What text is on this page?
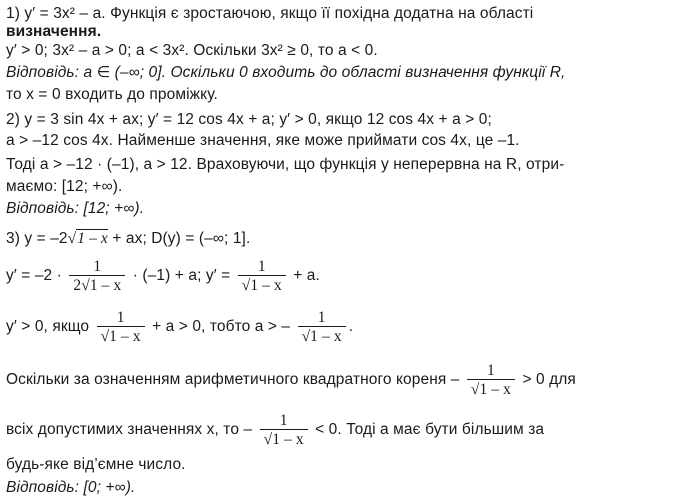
1) y′ = 3x² – a. Функція є зростаючою, якщо її похідна додатна на області
визначення.
y′ > 0; 3x² – a > 0; a < 3x². Оскільки 3x² ≥ 0, то a < 0.
Відповідь: a ∈ (–∞; 0]. Оскільки 0 входить до області визначення функції R,
то x = 0 входить до проміжку.
2) y = 3 sin 4x + ax; y′ = 12 cos 4x + a; y′ > 0, якщо 12 cos 4x + a > 0;
a > –12 cos 4x. Найменше значення, яке може приймати cos 4x, це –1.
Тоді a > –12 · (–1), a > 12. Враховуючи, що функція y неперервна на R, отри-
маємо: [12; +∞).
Відповідь: [12; +∞).
3) y = –2√1 – x + ax; D(y) = (–∞; 1].
$y' = -2 \cdot \frac{1}{2√1 - x} \cdot (-1) + a$; $y' = \frac{1}{√1 - x} + a$.
y′ > 0, якщо $\frac{1}{√1 - x} + a > 0$, тобто a > – $\frac{1}{√1 - x}$ .
Оскільки за означенням арифметичного квадратного кореня – $\frac{1}{√1 - x} > 0$ для
всіх допустимих значеннях x, то – $\frac{1}{√1 - x} < 0$. Тоді a має бути більшим за
будь-яке від’ємне число.
Відповідь: [0; +∞).
